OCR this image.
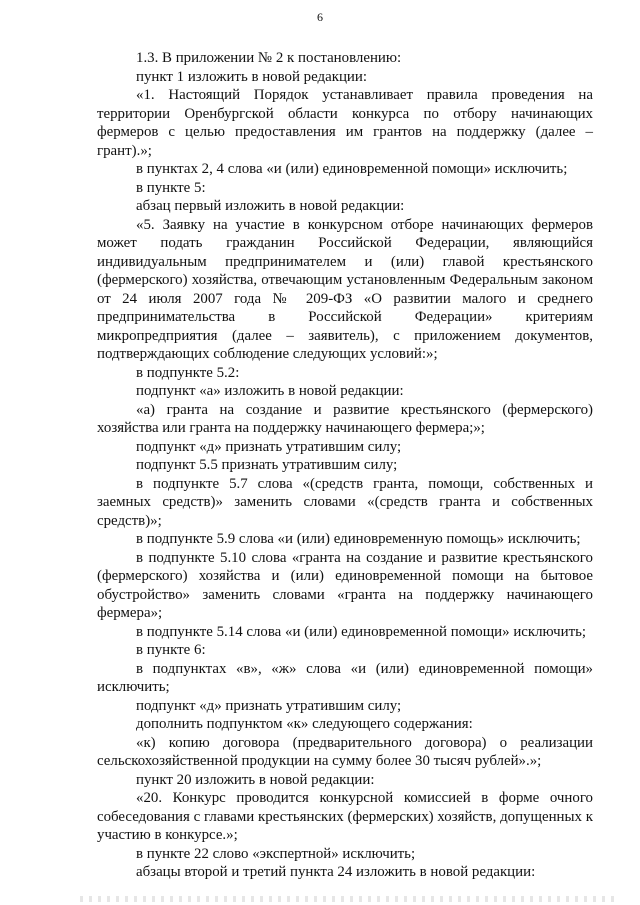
6

1.3. В приложении № 2 к постановлению:

пункт 1 изложить в новой редакции:

«1. Настоящий Порядок устанавливает правила проведения на территории Оренбургской области конкурса по отбору начинающих фермеров с целью предоставления им грантов на поддержку (далее – грант).»;

в пунктах 2, 4 слова «и (или) единовременной помощи» исключить;

в пункте 5:

абзац первый изложить в новой редакции:

«5. Заявку на участие в конкурсном отборе начинающих фермеров может подать гражданин Российской Федерации, являющийся индивидуальным предпринимателем и (или) главой крестьянского (фермерского) хозяйства, отвечающим установленным Федеральным законом от 24 июля 2007 года № 209-ФЗ «О развитии малого и среднего предпринимательства в Российской Федерации» критериям микропредприятия (далее – заявитель), с приложением документов, подтверждающих соблюдение следующих условий:»;

в подпункте 5.2:

подпункт «а» изложить в новой редакции:

«а) гранта на создание и развитие крестьянского (фермерского) хозяйства или гранта на поддержку начинающего фермера;»;

подпункт «д» признать утратившим силу;

подпункт 5.5 признать утратившим силу;

в подпункте 5.7 слова «(средств гранта, помощи, собственных и заемных средств)» заменить словами «(средств гранта и собственных средств)»;

в подпункте 5.9 слова «и (или) единовременную помощь» исключить;

в подпункте 5.10 слова «гранта на создание и развитие крестьянского (фермерского) хозяйства и (или) единовременной помощи на бытовое обустройство» заменить словами «гранта на поддержку начинающего фермера»;

в подпункте 5.14 слова «и (или) единовременной помощи» исключить;

в пункте 6:

в подпунктах «в», «ж» слова «и (или) единовременной помощи» исключить;

подпункт «д» признать утратившим силу;

дополнить подпунктом «к» следующего содержания:

«к) копию договора (предварительного договора) о реализации сельскохозяйственной продукции на сумму более 30 тысяч рублей».»;

пункт 20 изложить в новой редакции:

«20. Конкурс проводится конкурсной комиссией в форме очного собеседования с главами крестьянских (фермерских) хозяйств, допущенных к участию в конкурсе.»;

в пункте 22 слово «экспертной» исключить;

абзацы второй и третий пункта 24 изложить в новой редакции:
